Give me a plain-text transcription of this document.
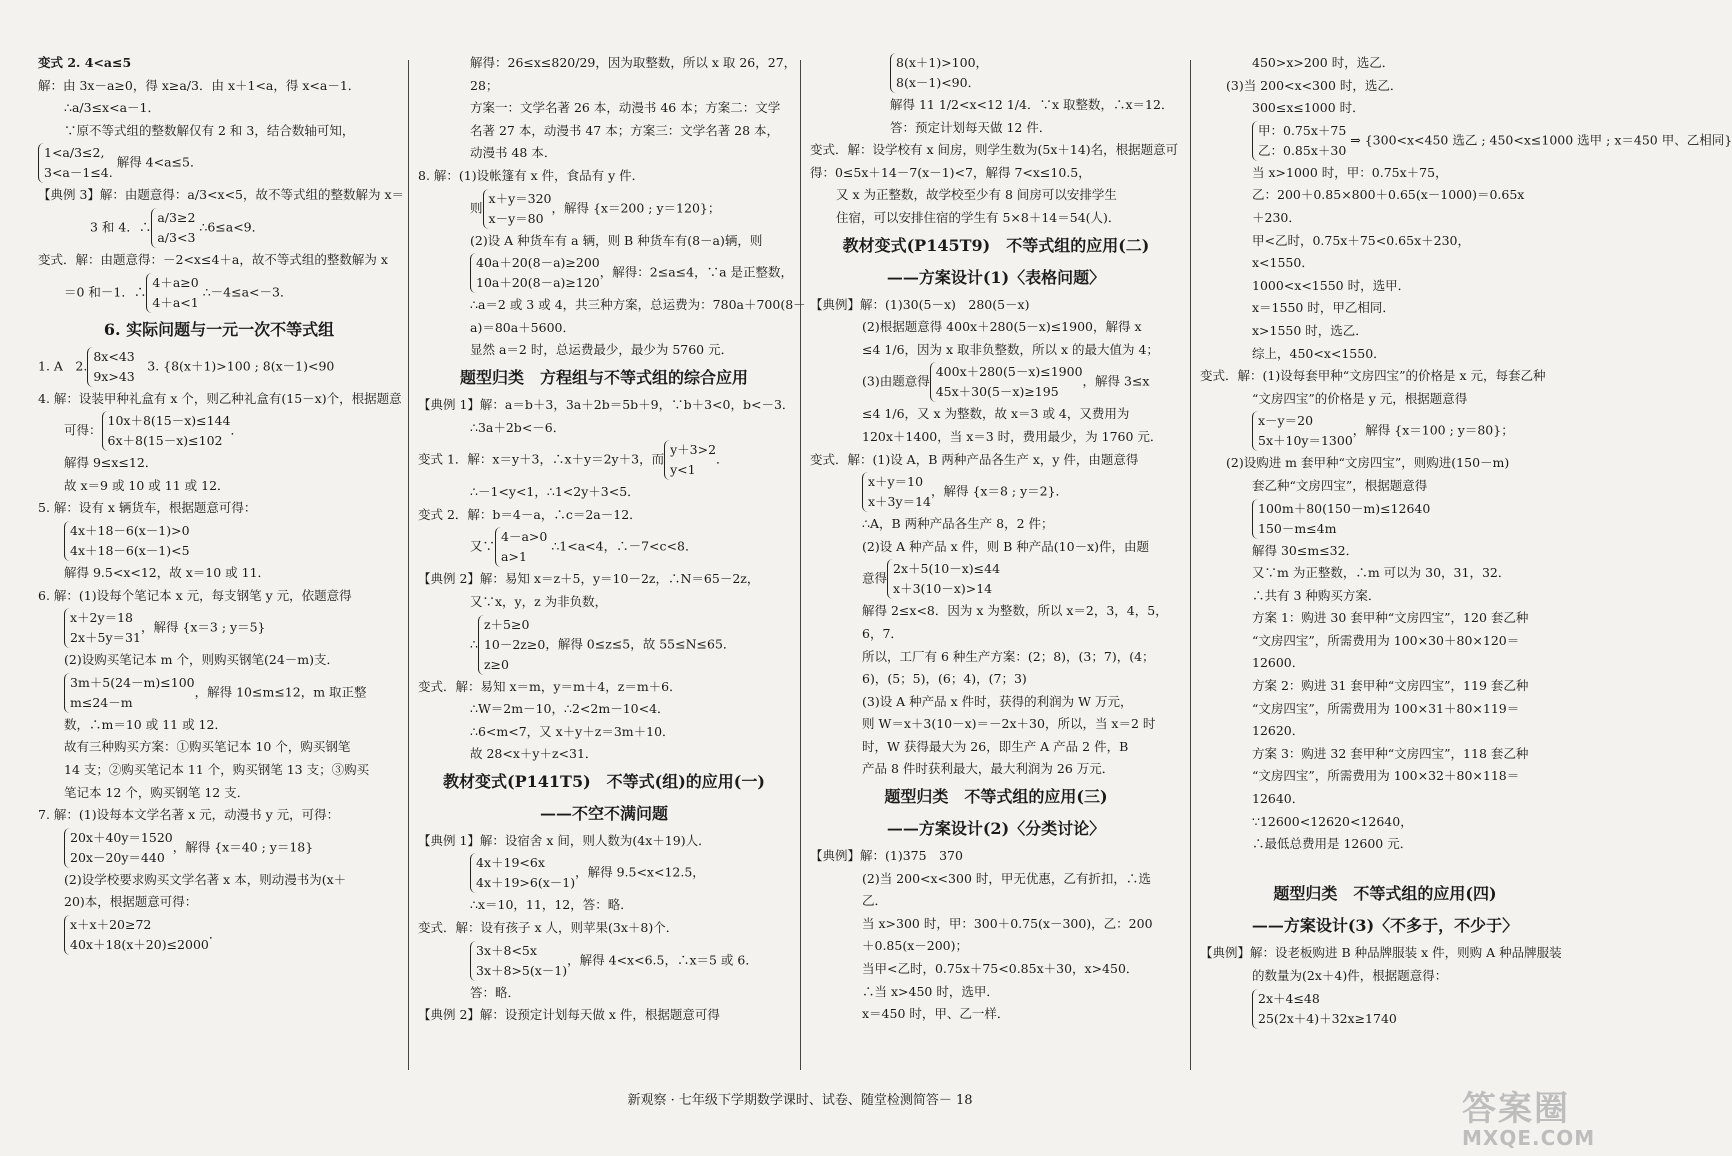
变式 2. 4<a≤5
解：由 3x－a≥0，得 x≥a/3．由 x＋1<a，得 x<a－1．
∴a/3≤x<a－1．
∵原不等式组的整数解仅有 2 和 3，结合数轴可知，
1<a/3≤2,
3<a－1≤4.
解得 4<a≤5．
【典例 3】解：由题意得：a/3<x<5，故不等式组的整数解为 x＝
3 和 4．∴
a/3≥2
a/3<3
∴6≤a<9．
变式．解：由题意得：－2<x≤4＋a，故不等式组的整数解为 x
＝0 和－1．∴
4＋a≥0
4＋a<1
∴－4≤a<－3．
6. 实际问题与一元一次不等式组
1. A　2.
8x<43
9x>43
　3. {8(x＋1)>100 ; 8(x－1)<90
4. 解：设装甲种礼盒有 x 个，则乙种礼盒有(15－x)个，根据题意
可得：
10x＋8(15－x)≤144
6x＋8(15－x)≤102
．
解得 9≤x≤12．
故 x＝9 或 10 或 11 或 12．
5. 解：设有 x 辆货车，根据题意可得：
4x＋18－6(x－1)>0
4x＋18－6(x－1)<5
解得 9.5<x<12，故 x＝10 或 11．
6. 解：(1)设每个笔记本 x 元，每支钢笔 y 元，依题意得
x＋2y＝18
2x＋5y＝31
，解得 {x＝3 ; y＝5}
(2)设购买笔记本 m 个，则购买钢笔(24－m)支．
3m＋5(24－m)≤100
m≤24－m
，解得 10≤m≤12，m 取正整
数，∴m＝10 或 11 或 12．
故有三种购买方案：①购买笔记本 10 个，购买钢笔
14 支；②购买笔记本 11 个，购买钢笔 13 支；③购买
笔记本 12 个，购买钢笔 12 支．
7. 解：(1)设每本文学名著 x 元，动漫书 y 元，可得：
20x＋40y＝1520
20x－20y＝440
，解得 {x＝40 ; y＝18}
(2)设学校要求购买文学名著 x 本，则动漫书为(x＋
20)本，根据题意可得：
x＋x＋20≥72
40x＋18(x＋20)≤2000
．
解得：26≤x≤820/29，因为取整数，所以 x 取 26，27，
28；
方案一：文学名著 26 本，动漫书 46 本；方案二：文学
名著 27 本，动漫书 47 本；方案三：文学名著 28 本，
动漫书 48 本．
8. 解：(1)设帐篷有 x 件，食品有 y 件．
则
x＋y＝320
x－y＝80
，解得 {x＝200 ; y＝120}；
(2)设 A 种货车有 a 辆，则 B 种货车有(8－a)辆，则
40a＋20(8－a)≥200
10a＋20(8－a)≥120
，解得：2≤a≤4，∵a 是正整数，
∴a＝2 或 3 或 4，共三种方案，总运费为：780a＋700(8－
a)＝80a＋5600．
显然 a＝2 时，总运费最少，最少为 5760 元．
题型归类　方程组与不等式组的综合应用
【典例 1】解：a＝b＋3，3a＋2b＝5b＋9，∵b＋3<0，b<－3．
∴3a＋2b<－6．
变式 1．解：x＝y＋3，∴x＋y＝2y＋3，而
y＋3>2
y<1
．
∴－1<y<1，∴1<2y＋3<5．
变式 2．解：b＝4－a，∴c＝2a－12．
又∵
4－a>0
a>1
∴1<a<4，∴－7<c<8．
【典例 2】解：易知 x＝z＋5，y＝10－2z，∴N＝65－2z，
又∵x，y，z 为非负数，
∴
z＋5≥0
10－2z≥0
z≥0
，解得 0≤z≤5，故 55≤N≤65．
变式．解：易知 x＝m，y＝m＋4，z＝m＋6．
∴W＝2m－10，∴2<2m－10<4．
∴6<m<7，又 x＋y＋z＝3m＋10．
故 28<x＋y＋z<31．
教材变式(P141T5)　不等式(组)的应用(一)
——不空不满问题
【典例 1】解：设宿舍 x 间，则人数为(4x＋19)人．
4x＋19<6x
4x＋19>6(x－1)
，解得 9.5<x<12.5，
∴x＝10，11，12，答：略．
变式．解：设有孩子 x 人，则苹果(3x＋8)个．
3x＋8<5x
3x＋8>5(x－1)
，解得 4<x<6.5，∴x＝5 或 6．
答：略．
【典例 2】解：设预定计划每天做 x 件，根据题意可得
8(x＋1)>100，
8(x－1)<90．
解得 11 1/2<x<12 1/4．∵x 取整数，∴x＝12．
答：预定计划每天做 12 件．
变式．解：设学校有 x 间房，则学生数为(5x＋14)名，根据题意可
得：0≤5x＋14－7(x－1)<7，解得 7<x≤10.5，
又 x 为正整数，故学校至少有 8 间房可以安排学生
住宿，可以安排住宿的学生有 5×8＋14＝54(人)．
教材变式(P145T9)　不等式组的应用(二)
——方案设计(1)〈表格问题〉
【典例】解：(1)30(5－x)　280(5－x)
(2)根据题意得 400x＋280(5－x)≤1900，解得 x
≤4 1/6，因为 x 取非负整数，所以 x 的最大值为 4；
(3)由题意得
400x＋280(5－x)≤1900
45x＋30(5－x)≥195
，解得 3≤x
≤4 1/6，又 x 为整数，故 x＝3 或 4，又费用为
120x＋1400，当 x＝3 时，费用最少，为 1760 元．
变式．解：(1)设 A，B 两种产品各生产 x，y 件，由题意得
x＋y＝10
x＋3y＝14
，解得 {x＝8 ; y＝2}．
∴A，B 两种产品各生产 8，2 件；
(2)设 A 种产品 x 件，则 B 种产品(10－x)件，由题
意得
2x＋5(10－x)≤44
x＋3(10－x)>14
解得 2≤x<8．因为 x 为整数，所以 x＝2，3，4，5，
6，7．
所以，工厂有 6 种生产方案：(2；8)，(3；7)，(4；
6)，(5；5)，(6；4)，(7；3)
(3)设 A 种产品 x 件时，获得的利润为 W 万元，
则 W＝x＋3(10－x)＝－2x＋30，所以，当 x＝2 时
时，W 获得最大为 26，即生产 A 产品 2 件，B
产品 8 件时获利最大，最大利润为 26 万元．
题型归类　不等式组的应用(三)
——方案设计(2)〈分类讨论〉
【典例】解：(1)375　370
(2)当 200<x<300 时，甲无优惠，乙有折扣，∴选
乙．
当 x>300 时，甲：300＋0.75(x－300)，乙：200
＋0.85(x－200)；
当甲<乙时，0.75x＋75<0.85x＋30，x>450．
∴当 x>450 时，选甲．
x＝450 时，甲、乙一样．
450>x>200 时，选乙．
(3)当 200<x<300 时，选乙．
300≤x≤1000 时．
甲：0.75x＋75
乙：0.85x＋30
⇒ {300<x<450 选乙 ; 450<x≤1000 选甲 ; x＝450 甲、乙相同}
当 x>1000 时，甲：0.75x＋75，
乙：200＋0.85×800＋0.65(x－1000)＝0.65x
＋230．
甲<乙时，0.75x＋75<0.65x＋230，
x<1550．
1000<x<1550 时，选甲．
x＝1550 时，甲乙相同．
x>1550 时，选乙．
综上，450<x<1550．
变式．解：(1)设每套甲种“文房四宝”的价格是 x 元，每套乙种
“文房四宝”的价格是 y 元，根据题意得
x－y＝20
5x＋10y＝1300
，解得 {x＝100 ; y＝80}；
(2)设购进 m 套甲种“文房四宝”，则购进(150－m)
套乙种“文房四宝”，根据题意得
100m＋80(150－m)≤12640
150－m≤4m
解得 30≤m≤32．
又∵m 为正整数，∴m 可以为 30，31，32．
∴共有 3 种购买方案．
方案 1：购进 30 套甲种“文房四宝”，120 套乙种
“文房四宝”，所需费用为 100×30＋80×120＝
12600．
方案 2：购进 31 套甲种“文房四宝”，119 套乙种
“文房四宝”，所需费用为 100×31＋80×119＝
12620．
方案 3：购进 32 套甲种“文房四宝”，118 套乙种
“文房四宝”，所需费用为 100×32＋80×118＝
12640．
∵12600<12620<12640，
∴最低总费用是 12600 元．

题型归类　不等式组的应用(四)
——方案设计(3)〈不多于，不少于〉
【典例】解：设老板购进 B 种品牌服装 x 件，则购 A 种品牌服装
的数量为(2x＋4)件，根据题意得：
2x＋4≤48
25(2x＋4)＋32x≥1740
新观察 · 七年级下学期数学课时、试卷、随堂检测简答－ 18	答案圈
MXQE.COM
